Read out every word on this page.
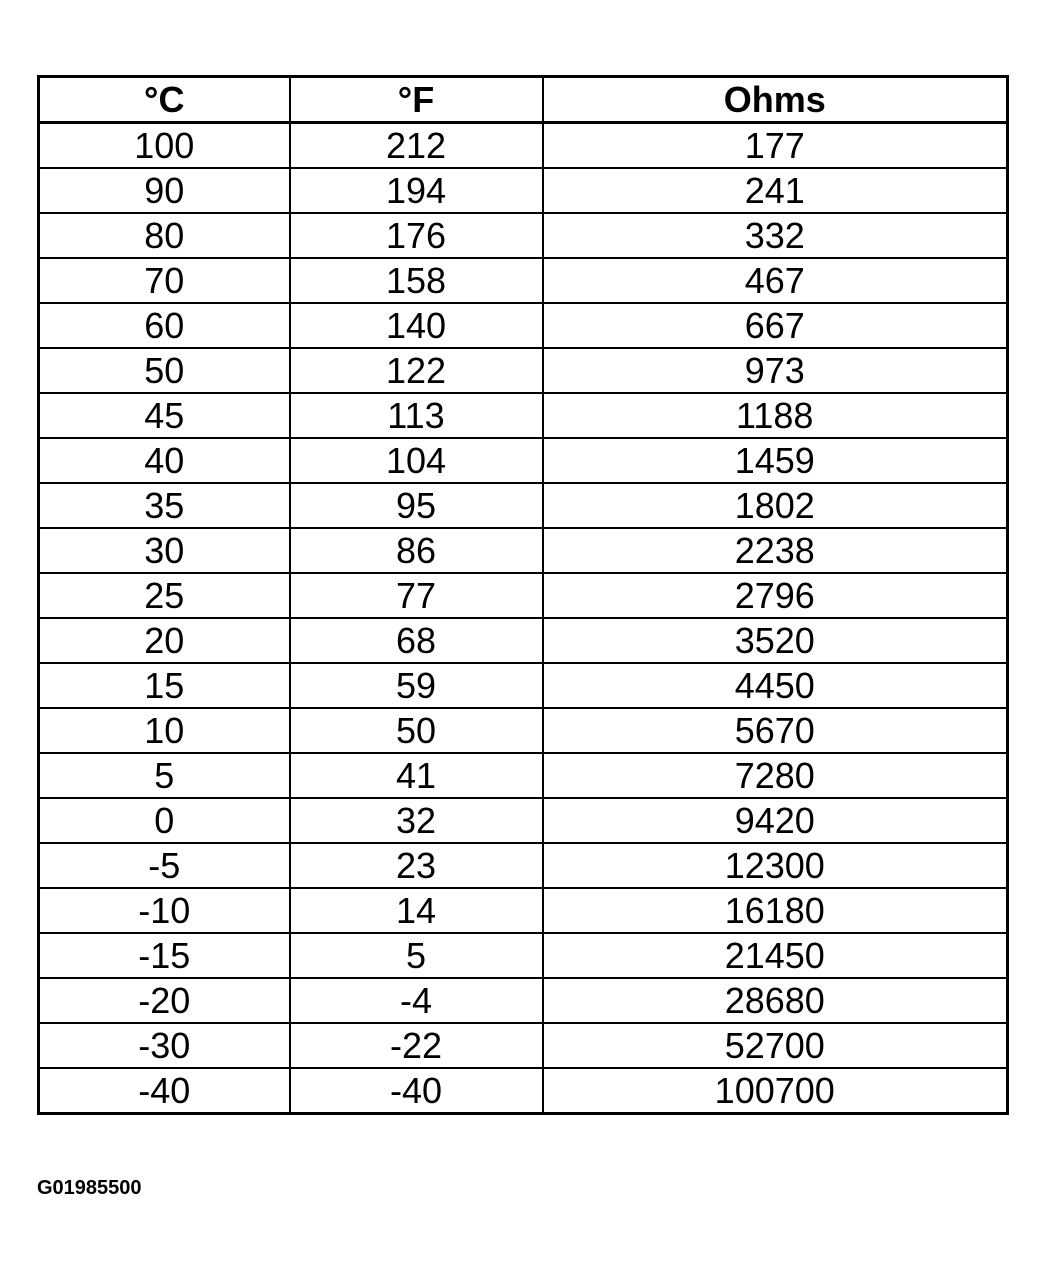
°C	°F	Ohms
100	212	177
90	194	241
80	176	332
70	158	467
60	140	667
50	122	973
45	113	1188
40	104	1459
35	95	1802
30	86	2238
25	77	2796
20	68	3520
15	59	4450
10	50	5670
5	41	7280
0	32	9420
-5	23	12300
-10	14	16180
-15	5	21450
-20	-4	28680
-30	-22	52700
-40	-40	100700
G01985500
